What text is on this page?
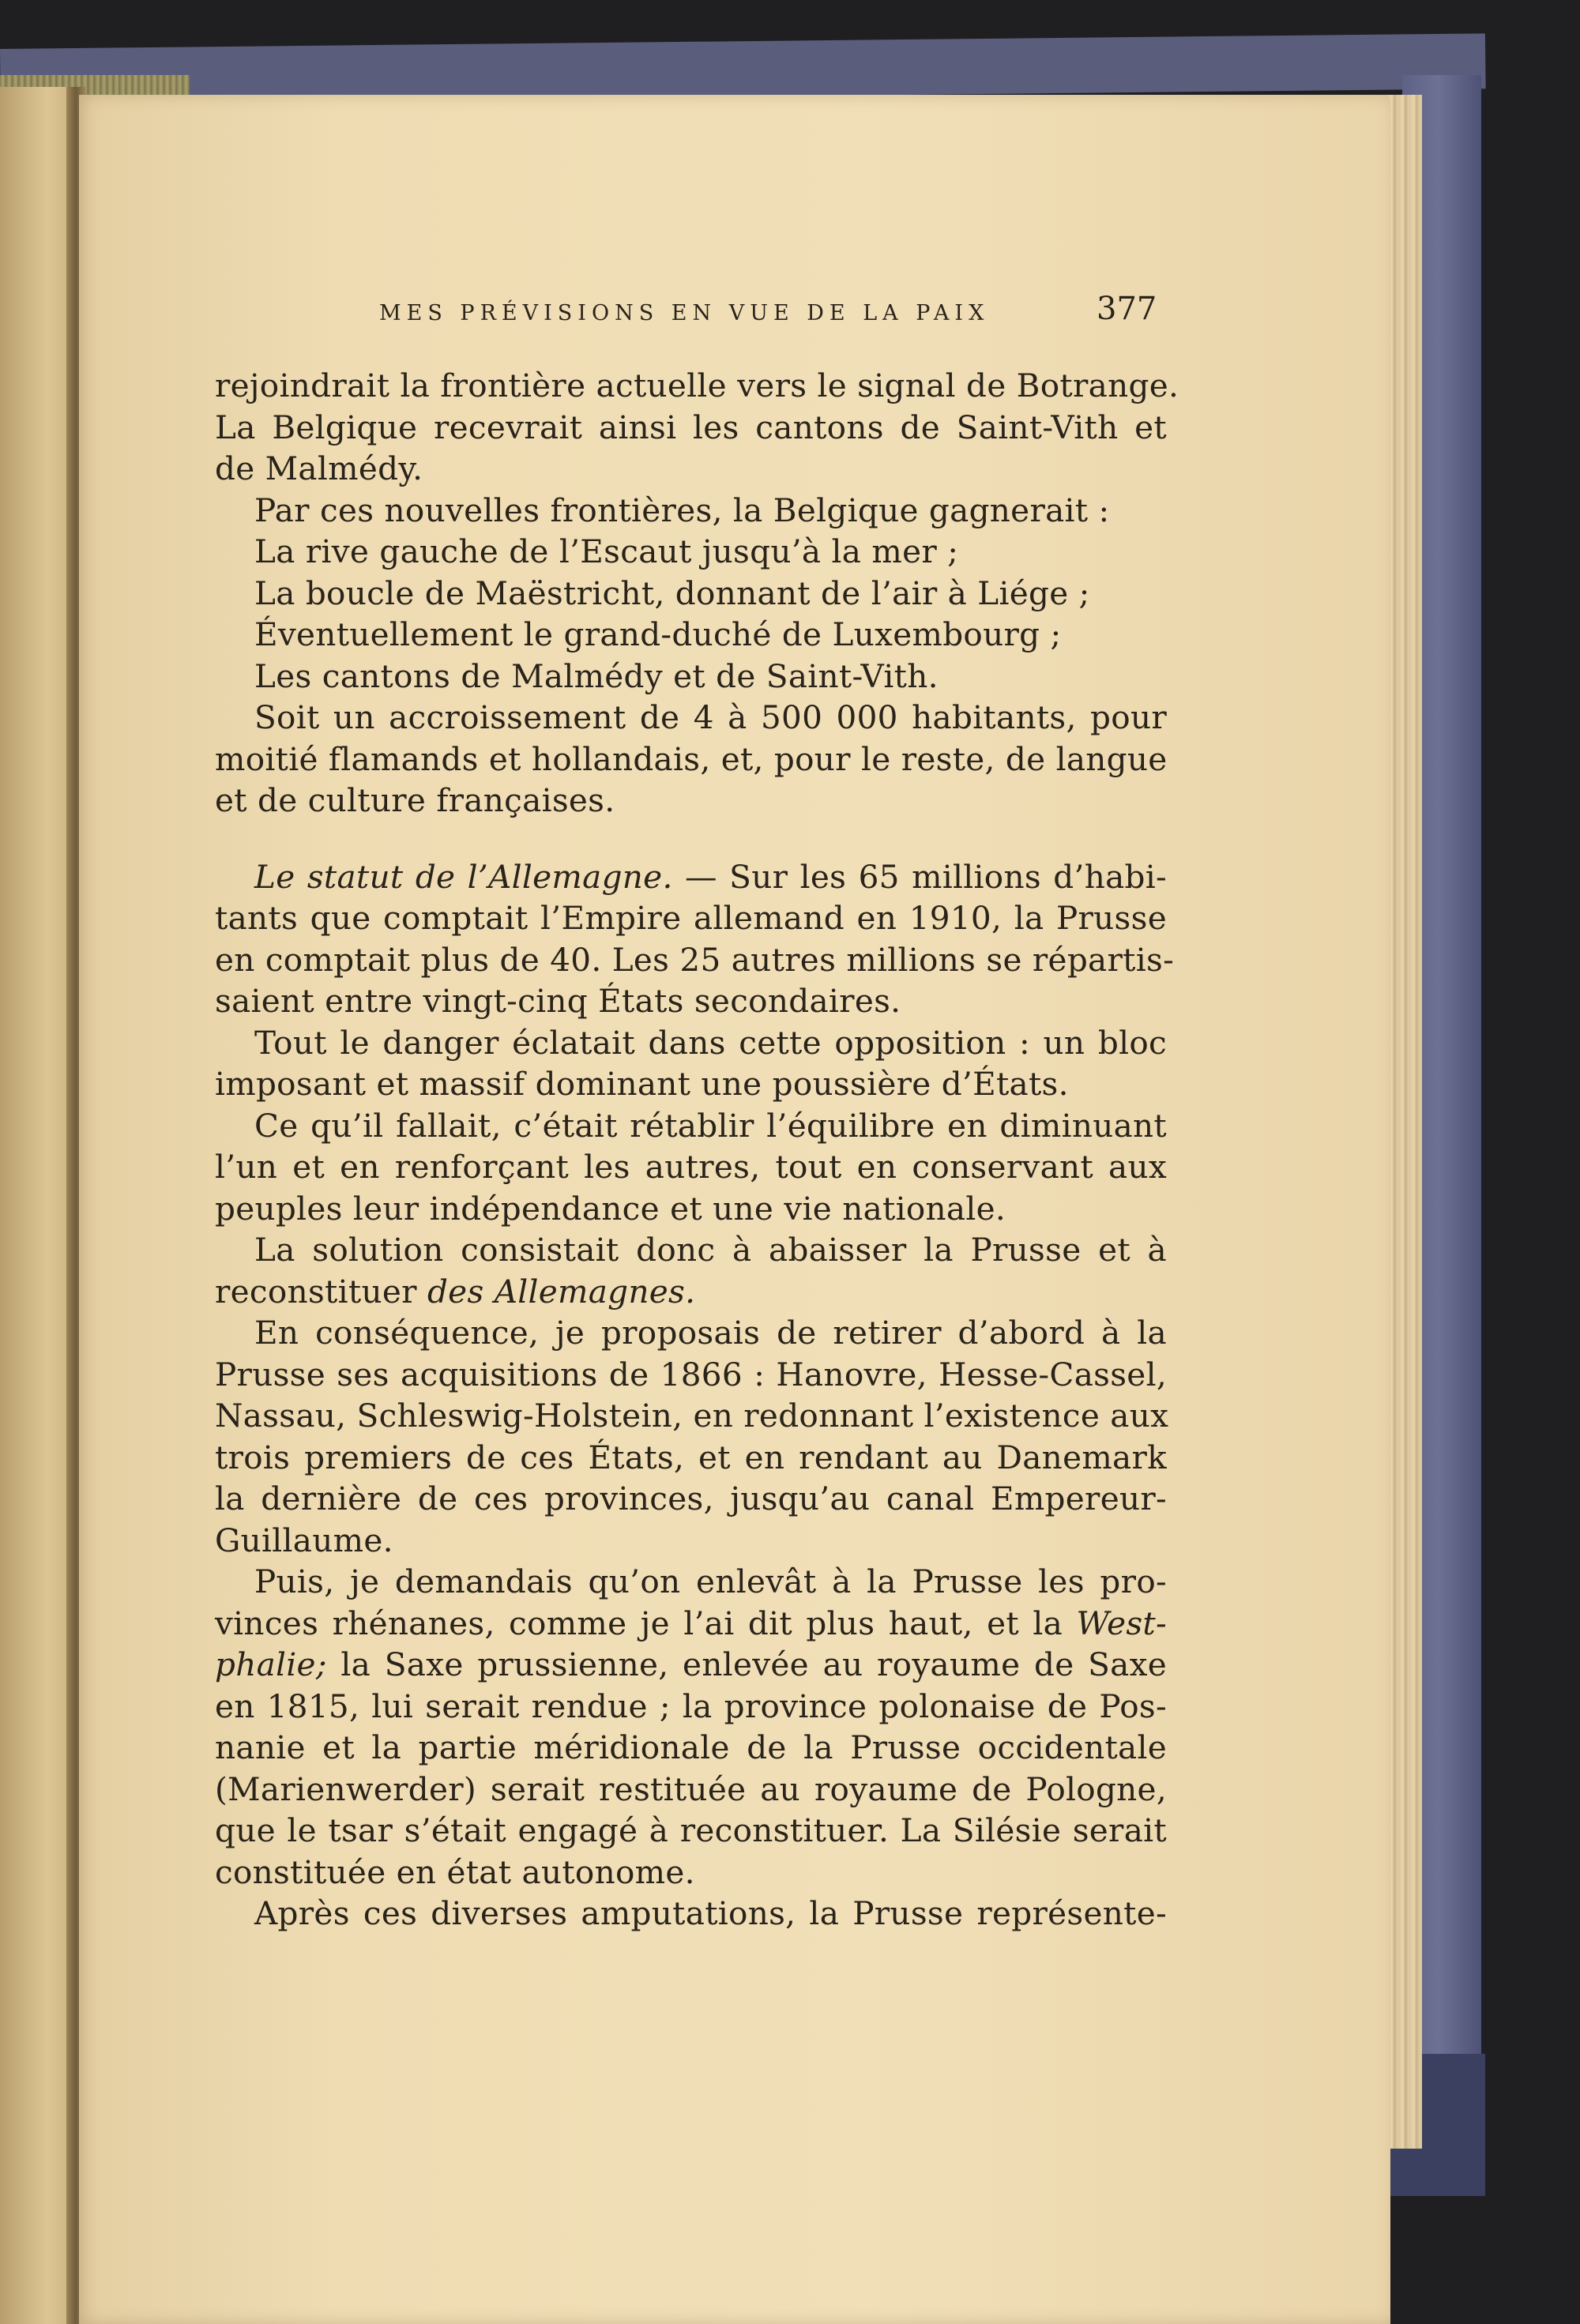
MES PRÉVISIONS EN VUE DE LA PAIX	377
rejoindrait la frontière actuelle vers le signal de Botrange.
La Belgique recevrait ainsi les cantons de Saint-Vith et
de Malmédy.
Par ces nouvelles frontières, la Belgique gagnerait :
La rive gauche de l’Escaut jusqu’à la mer ;
La boucle de Maëstricht, donnant de l’air à Liége ;
Éventuellement le grand-duché de Luxembourg ;
Les cantons de Malmédy et de Saint-Vith.
Soit un accroissement de 4 à 500 000 habitants, pour
moitié flamands et hollandais, et, pour le reste, de langue
et de culture françaises.
Le statut de l’Allemagne. — Sur les 65 millions d’habi-
tants que comptait l’Empire allemand en 1910, la Prusse
en comptait plus de 40. Les 25 autres millions se répartis-
saient entre vingt-cinq États secondaires.
Tout le danger éclatait dans cette opposition : un bloc
imposant et massif dominant une poussière d’États.
Ce qu’il fallait, c’était rétablir l’équilibre en diminuant
l’un et en renforçant les autres, tout en conservant aux
peuples leur indépendance et une vie nationale.
La solution consistait donc à abaisser la Prusse et à
reconstituer des Allemagnes.
En conséquence, je proposais de retirer d’abord à la
Prusse ses acquisitions de 1866 : Hanovre, Hesse-Cassel,
Nassau, Schleswig-Holstein, en redonnant l’existence aux
trois premiers de ces États, et en rendant au Danemark
la dernière de ces provinces, jusqu’au canal Empereur-
Guillaume.
Puis, je demandais qu’on enlevât à la Prusse les pro-
vinces rhénanes, comme je l’ai dit plus haut, et la West-
phalie; la Saxe prussienne, enlevée au royaume de Saxe
en 1815, lui serait rendue ; la province polonaise de Pos-
nanie et la partie méridionale de la Prusse occidentale
(Marienwerder) serait restituée au royaume de Pologne,
que le tsar s’était engagé à reconstituer. La Silésie serait
constituée en état autonome.
Après ces diverses amputations, la Prusse représente-
